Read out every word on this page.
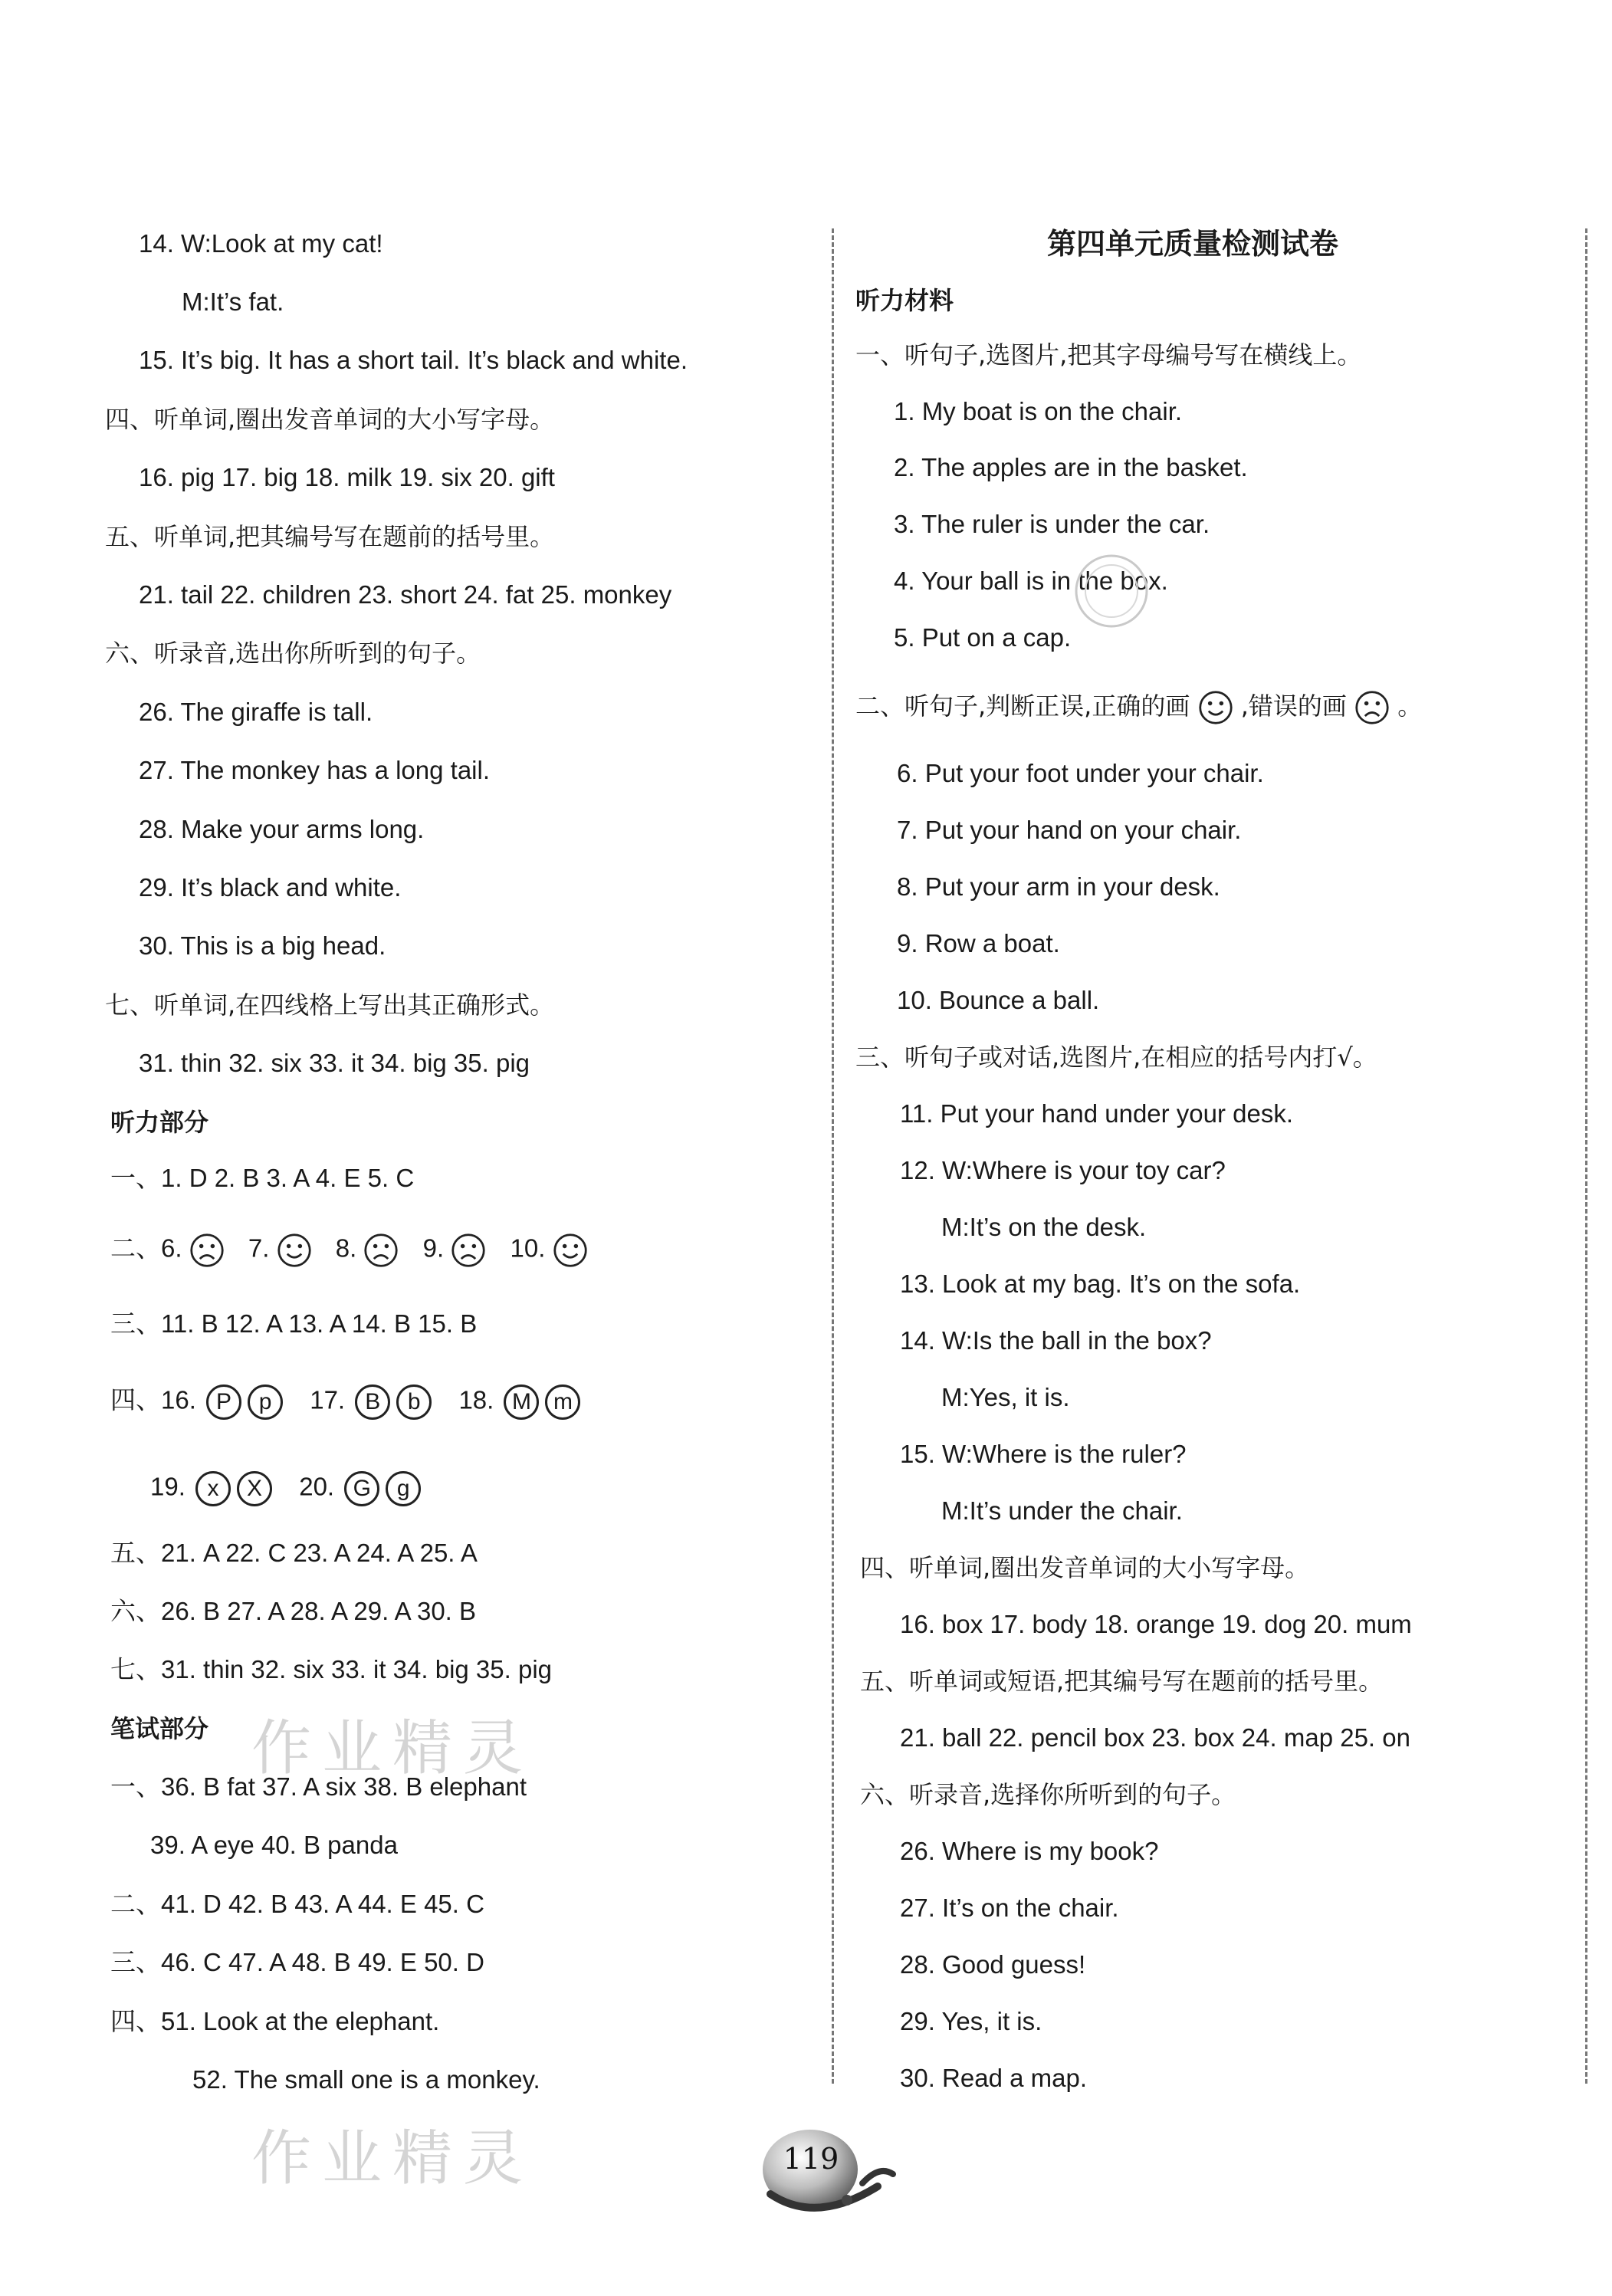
14. W:Look at my cat!
M:It’s fat.
15. It’s big. It has a short tail. It’s black and white.
四、听单词,圈出发音单词的大小写字母。
16. pig 17. big 18. milk 19. six 20. gift
五、听单词,把其编号写在题前的括号里。
21. tail 22. children 23. short 24. fat 25. monkey
六、听录音,选出你所听到的句子。
26. The giraffe is tall.
27. The monkey has a long tail.
28. Make your arms long.
29. It’s black and white.
30. This is a big head.
七、听单词,在四线格上写出其正确形式。
31. thin 32. six 33. it 34. big 35. pig
听力部分
一、1. D 2. B 3. A 4. E 5. C
二、6.	7.	8.	9.	10.
三、11. B 12. A 13. A 14. B 15. B
四、16. P p 17. B b 18. M m
19. x X 20. G g
五、21. A 22. C 23. A 24. A 25. A
六、26. B 27. A 28. A 29. A 30. B
七、31. thin 32. six 33. it 34. big 35. pig
笔试部分
一、36. B fat 37. A six 38. B elephant
39. A eye 40. B panda
二、41. D 42. B 43. A 44. E 45. C
三、46. C 47. A 48. B 49. E 50. D
四、51. Look at the elephant.
52. The small one is a monkey.
第四单元质量检测试卷
听力材料
一、听句子,选图片,把其字母编号写在横线上。
1. My boat is on the chair.
2. The apples are in the basket.
3. The ruler is under the car.
4. Your ball is in the box.
5. Put on a cap.
二、听句子,判断正误,正确的画 ,错误的画 。
6. Put your foot under your chair.
7. Put your hand on your chair.
8. Put your arm in your desk.
9. Row a boat.
10. Bounce a ball.
三、听句子或对话,选图片,在相应的括号内打√。
11. Put your hand under your desk.
12. W:Where is your toy car?
M:It’s on the desk.
13. Look at my bag. It’s on the sofa.
14. W:Is the ball in the box?
M:Yes, it is.
15. W:Where is the ruler?
M:It’s under the chair.
四、听单词,圈出发音单词的大小写字母。
16. box 17. body 18. orange 19. dog 20. mum
五、听单词或短语,把其编号写在题前的括号里。
21. ball 22. pencil box 23. box 24. map 25. on
六、听录音,选择你所听到的句子。
26. Where is my book?
27. It’s on the chair.
28. Good guess!
29. Yes, it is.
30. Read a map.
作业精灵
作业精灵	119
